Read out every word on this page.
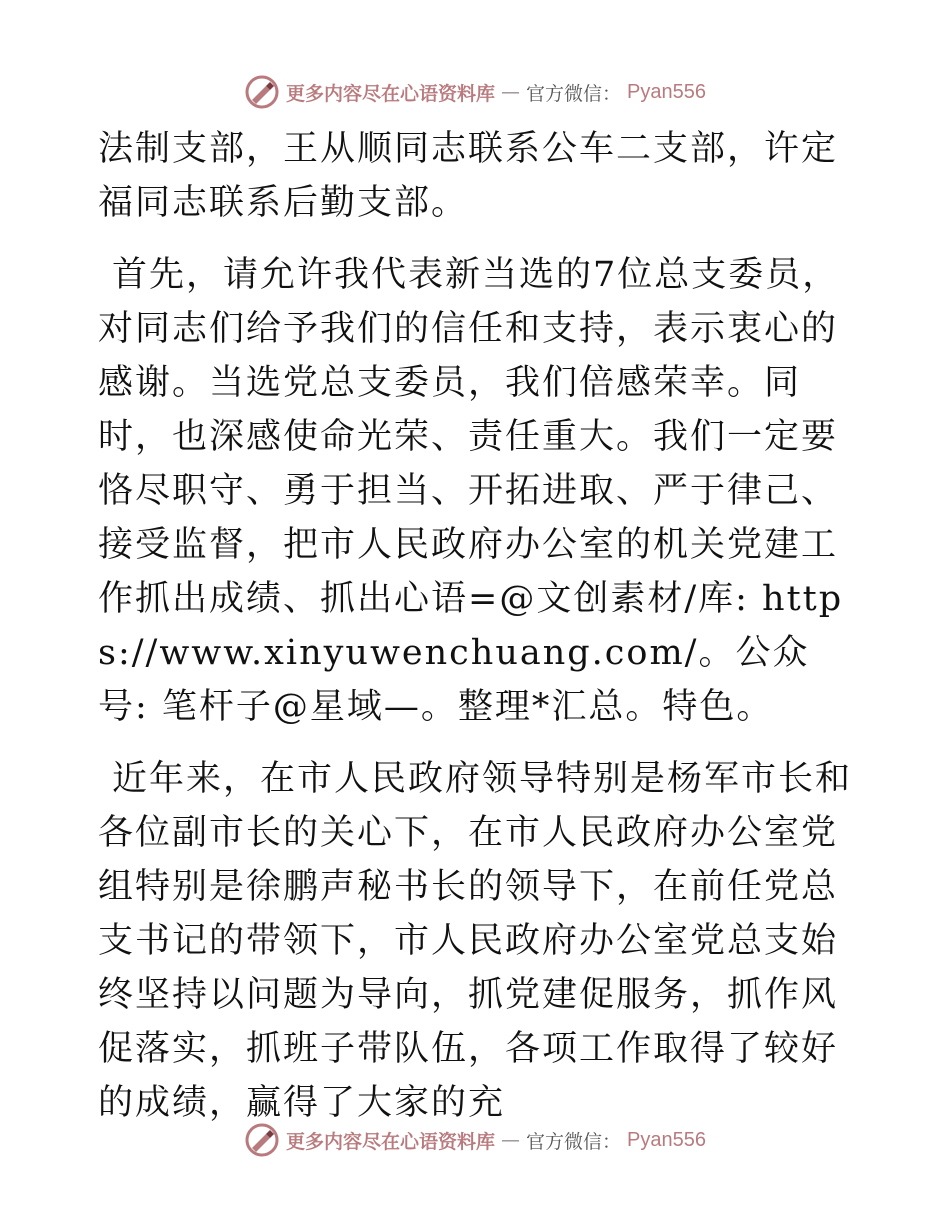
更多内容尽在心语资料库 — 官方微信： Pyan556

法制支部，王从顺同志联系公车二支部，许定福同志联系后勤支部。

首先，请允许我代表新当选的7位总支委员，对同志们给予我们的信任和支持，表示衷心的感谢。当选党总支委员，我们倍感荣幸。同时，也深感使命光荣、责任重大。我们一定要恪尽职守、勇于担当、开拓进取、严于律己、接受监督，把市人民政府办公室的机关党建工作抓出成绩、抓出心语=@文创素材/库: https://www.xinyuwenchuang.com/。公众号: 笔杆子@星域—。整理*汇总。特色。

近年来，在市人民政府领导特别是杨军市长和各位副市长的关心下，在市人民政府办公室党组特别是徐鹏声秘书长的领导下，在前任党总支书记的带领下，市人民政府办公室党总支始终坚持以问题为导向，抓党建促服务，抓作风促落实，抓班子带队伍，各项工作取得了较好的成绩，赢得了大家的充

更多内容尽在心语资料库 — 官方微信： Pyan556
